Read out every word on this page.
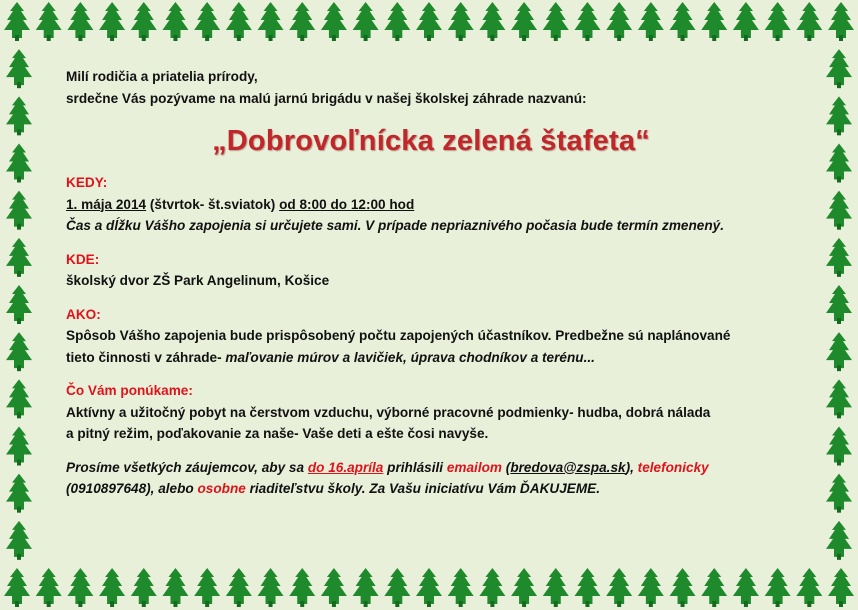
Milí rodičia a priatelia prírody,
srdečne Vás pozývame na malú jarnú brigádu v našej školskej záhrade nazvanú:
„Dobrovoľnícka zelená štafeta“
KEDY:
1. mája 2014 (štvrtok- št.sviatok) od 8:00 do 12:00 hod
Čas a dĺžku Vášho zapojenia si určujete sami. V prípade nepriaznivého počasia bude termín zmenený.
KDE:
školský dvor ZŠ Park Angelinum, Košice
AKO:
Spôsob Vášho zapojenia bude prispôsobený počtu zapojených účastníkov. Predbežne sú naplánované
tieto činnosti v záhrade- maľovanie múrov a lavičiek, úprava chodníkov a terénu...
Čo Vám ponúkame:
Aktívny a užitočný pobyt na čerstvom vzduchu, výborné pracovné podmienky- hudba, dobrá nálada
a pitný režim, poďakovanie za naše- Vaše deti a ešte čosi navyše.
Prosíme všetkých záujemcov, aby sa do 16.apríla prihlásili emailom (bredova@zspa.sk), telefonicky
(0910897648), alebo osobne riaditeľstvu školy. Za Vašu iniciatívu Vám ĎAKUJEME.
